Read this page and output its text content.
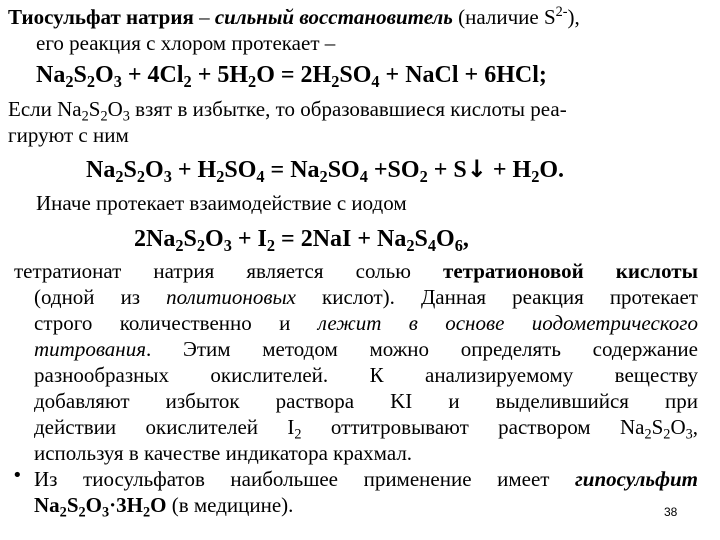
Тиосульфат натрия – сильный восстановитель (наличие $S^{2-}$),
его реакция с хлором протекает –
$Na_2S_2O_3 + 4Cl_2 + 5H_2O = 2H_2SO_4$ + NaCl + 6HCl;
Если $Na_2S_2O_3$ взят в избытке, то образовавшиеся кислоты реа-
гируют с ним
$Na_2S_2O_3 + H_2SO_4 = Na_2SO_4 +SO_2$ + S↓ + $H_2O$.
Иначе протекает взаимодействие с иодом
$2Na_2S_2O_3 + I_2 = 2NaI + Na_2S_4O_6$,
тетратионат натрия является солью тетратионовой кислоты
(одной из политионовых кислот). Данная реакция протекает
строго количественно и лежит в основе иодометрического
титрования. Этим методом можно определять содержание
разнообразных окислителей. К анализируемому веществу
добавляют избыток раствора KI и выделившийся при
действии окислителей $I_2$ оттитровывают раствором $Na_2S_2O_3$,
используя в качестве индикатора крахмал.
• Из тиосульфатов наибольшее применение имеет гипосульфит
$Na_2S_2O_3\cdot 3H_2O$ (в медицине).	38
